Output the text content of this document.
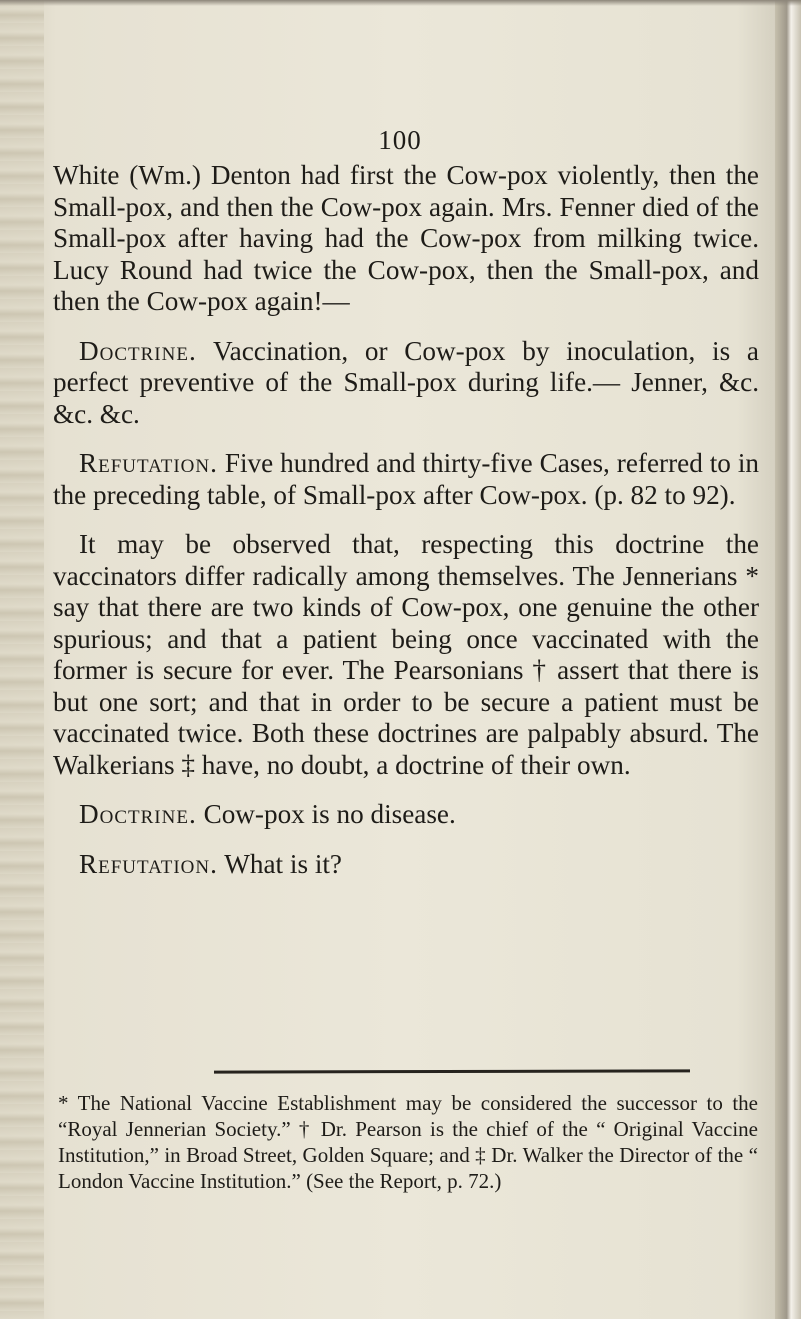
100

White (Wm.) Denton had first the Cow-pox violently, then the Small-pox, and then the Cow-pox again. Mrs. Fenner died of the Small-pox after having had the Cow-pox from milking twice. Lucy Round had twice the Cow-pox, then the Small-pox, and then the Cow-pox again!—

Doctrine. Vaccination, or Cow-pox by inoculation, is a perfect preventive of the Small-pox during life.— Jenner, &c. &c. &c.

Refutation. Five hundred and thirty-five Cases, referred to in the preceding table, of Small-pox after Cow-pox. (p. 82 to 92).

It may be observed that, respecting this doctrine the vaccinators differ radically among themselves. The Jennerians * say that there are two kinds of Cow-pox, one genuine the other spurious; and that a patient being once vaccinated with the former is secure for ever. The Pearsonians † assert that there is but one sort; and that in order to be secure a patient must be vaccinated twice. Both these doctrines are palpably absurd. The Walkerians ‡ have, no doubt, a doctrine of their own.

Doctrine. Cow-pox is no disease.

Refutation. What is it?

* The National Vaccine Establishment may be considered the successor to the “Royal Jennerian Society.” † Dr. Pearson is the chief of the “ Original Vaccine Institution,” in Broad Street, Golden Square; and ‡ Dr. Walker the Director of the “ London Vaccine Institution.” (See the Report, p. 72.)
